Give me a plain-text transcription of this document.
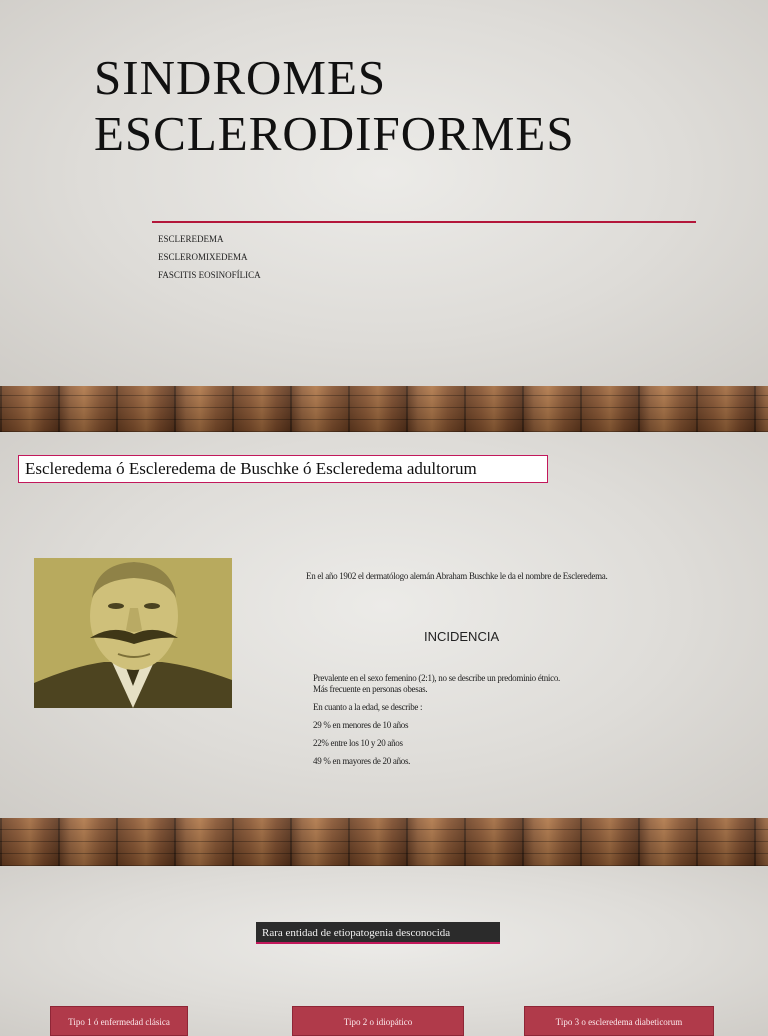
SINDROMES
ESCLERODIFORMES
ESCLEREDEMA
ESCLEROMIXEDEMA
FASCITIS EOSINOFÍLICA
Escleredema ó Escleredema de Buschke ó Escleredema adultorum
En el año 1902 el dermatólogo alemán Abraham Buschke le da el nombre de Escleredema.
INCIDENCIA

Prevalente en el sexo femenino (2:1), no se describe un predominio étnico.

Más frecuente en personas obesas.

En cuanto a la edad, se describe :

29 % en menores de 10 años

22% entre los 10 y 20 años

49 % en mayores de 20 años.

Rara entidad de etiopatogenia desconocida
Tipo 1 ó enfermedad clásica	Tipo 2 o idiopático	Tipo 3 o escleredema diabeticorum
